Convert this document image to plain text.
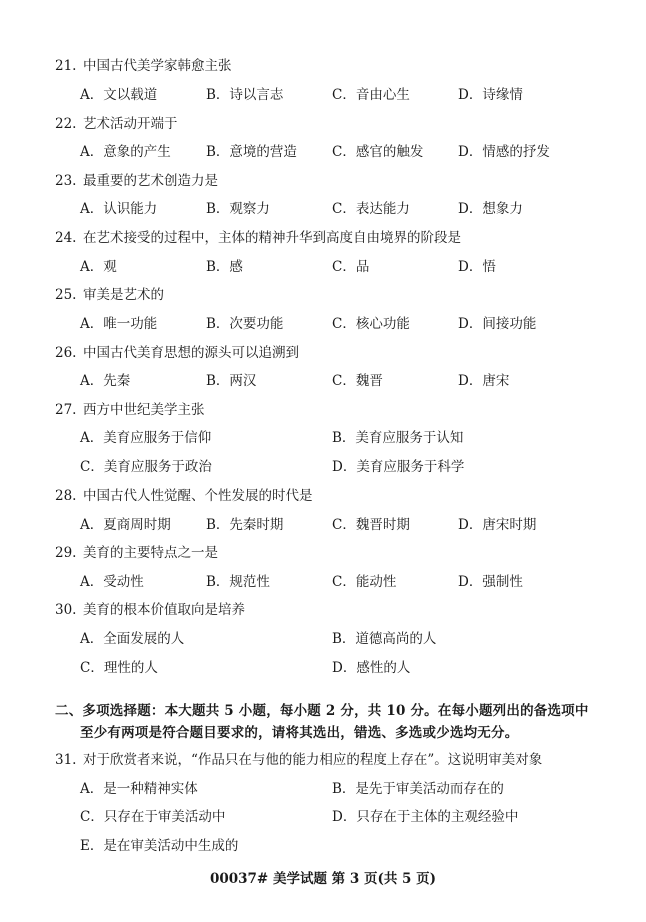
21. 中国古代美学家韩愈主张
A．文以载道	B．诗以言志	C．音由心生	D．诗缘情
22. 艺术活动开端于
A．意象的产生	B．意境的营造	C．感官的触发	D．情感的抒发
23. 最重要的艺术创造力是
A．认识能力	B．观察力	C．表达能力	D．想象力
24. 在艺术接受的过程中，主体的精神升华到高度自由境界的阶段是
A．观	B．感	C．品	D．悟
25. 审美是艺术的
A．唯一功能	B．次要功能	C．核心功能	D．间接功能
26. 中国古代美育思想的源头可以追溯到
A．先秦	B．两汉	C．魏晋	D．唐宋
27. 西方中世纪美学主张
A．美育应服务于信仰	B．美育应服务于认知
C．美育应服务于政治	D．美育应服务于科学
28. 中国古代人性觉醒、个性发展的时代是
A．夏商周时期	B．先秦时期	C．魏晋时期	D．唐宋时期
29. 美育的主要特点之一是
A．受动性	B．规范性	C．能动性	D．强制性
30. 美育的根本价值取向是培养
A．全面发展的人	B．道德高尚的人
C．理性的人	D．感性的人
二、多项选择题：本大题共 5 小题，每小题 2 分，共 10 分。在每小题列出的备选项中
至少有两项是符合题目要求的，请将其选出，错选、多选或少选均无分。
31. 对于欣赏者来说，“作品只在与他的能力相应的程度上存在”。这说明审美对象
A．是一种精神实体	B．是先于审美活动而存在的
C．只存在于审美活动中	D．只存在于主体的主观经验中
E．是在审美活动中生成的
00037# 美学试题 第 3 页(共 5 页)
